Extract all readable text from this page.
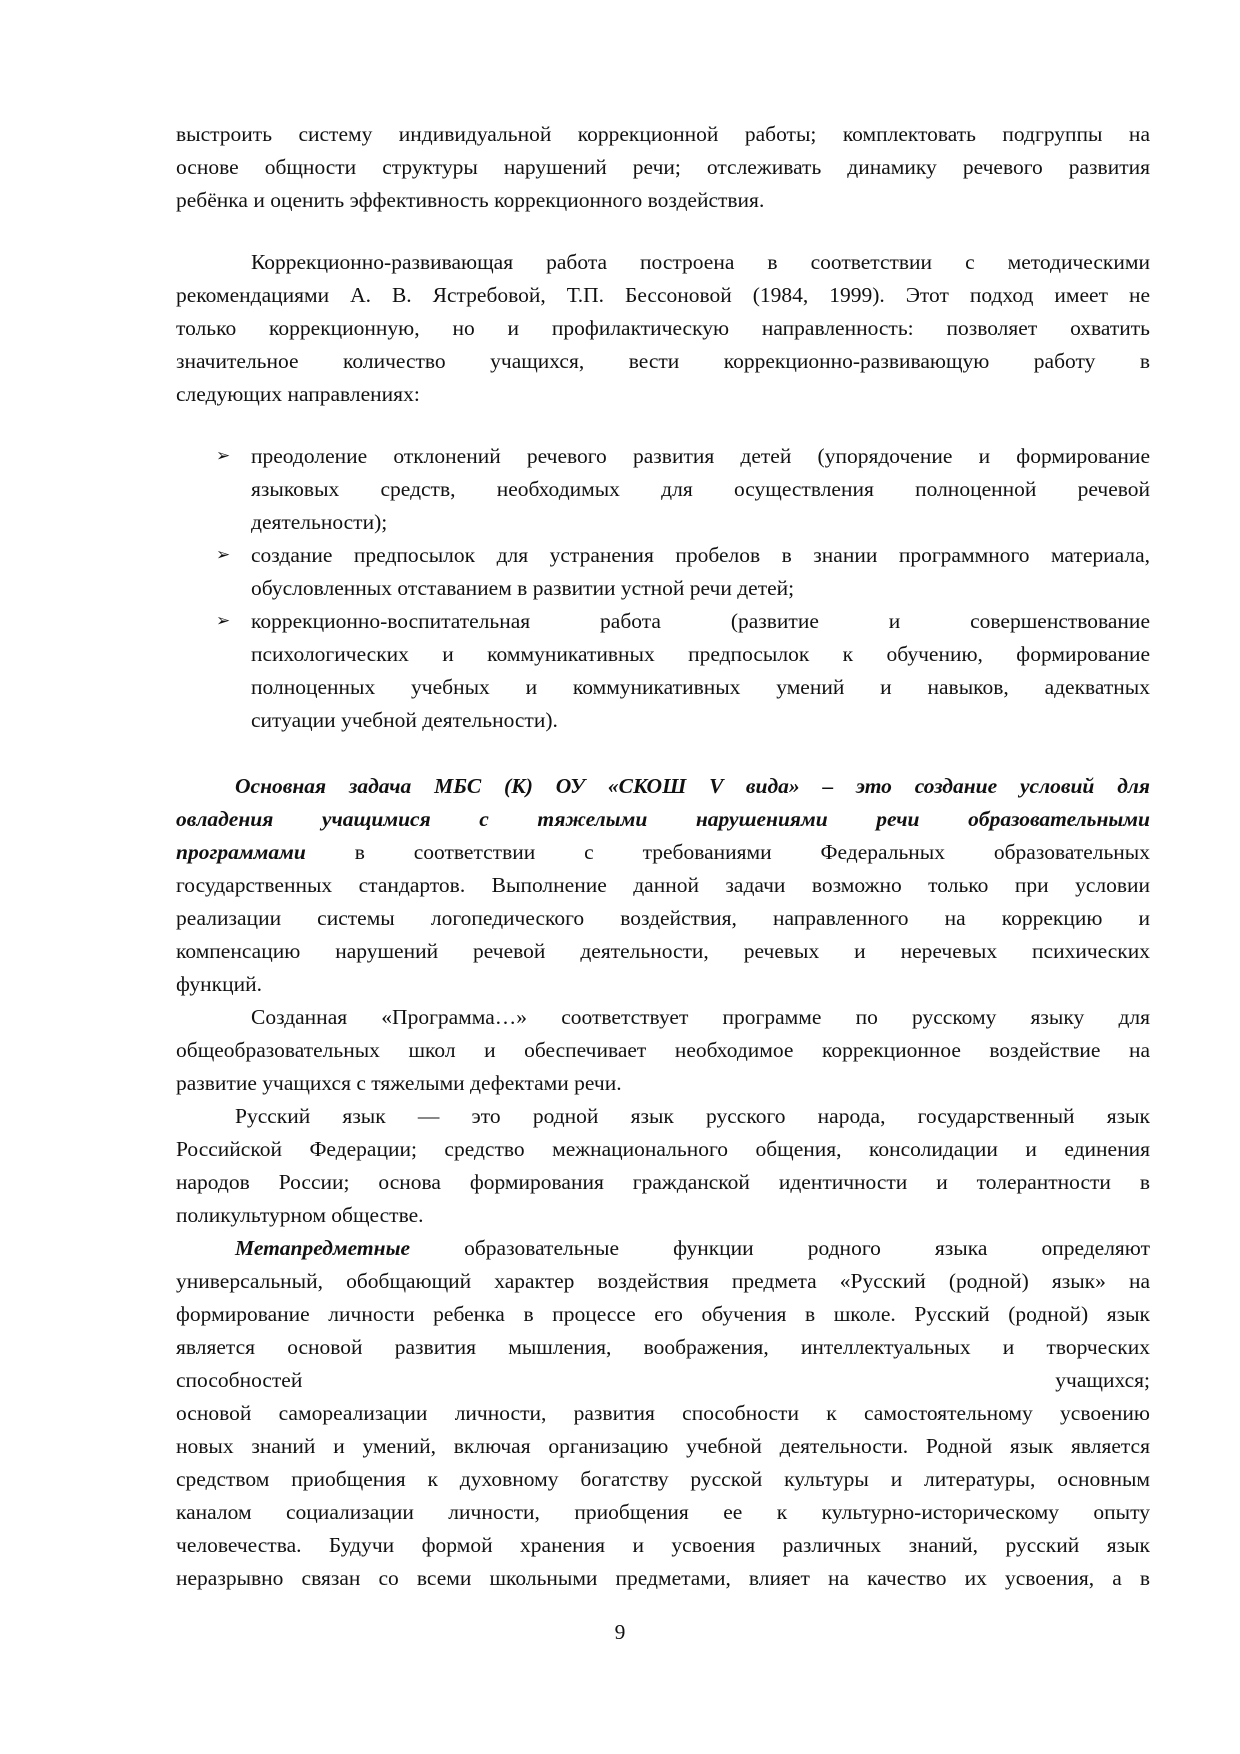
выстроить систему индивидуальной коррекционной работы; комплектовать подгруппы на
основе общности структуры нарушений речи; отслеживать динамику речевого развития
ребёнка и оценить эффективность коррекционного воздействия.
Коррекционно-развивающая работа построена в соответствии с методическими
рекомендациями А. В. Ястребовой, Т.П. Бессоновой (1984, 1999). Этот подход имеет не
только коррекционную, но и профилактическую направленность: позволяет охватить
значительное количество учащихся, вести коррекционно-развивающую работу в
следующих направлениях:
➢ преодоление отклонений речевого развития детей (упорядочение и формирование
языковых средств, необходимых для осуществления полноценной речевой
деятельности);
➢ создание предпосылок для устранения пробелов в знании программного материала,
обусловленных отставанием в развитии устной речи детей;
➢ коррекционно-воспитательная работа (развитие и совершенствование
психологических и коммуникативных предпосылок к обучению, формирование
полноценных учебных и коммуникативных умений и навыков, адекватных
ситуации учебной деятельности).
Основная задача МБС (К) ОУ «СКОШ V вида» – это создание условий для
овладения учащимися с тяжелыми нарушениями речи образовательными
программами в соответствии с требованиями Федеральных образовательных
государственных стандартов. Выполнение данной задачи возможно только при условии
реализации системы логопедического воздействия, направленного на коррекцию и
компенсацию нарушений речевой деятельности, речевых и неречевых психических
функций.
Созданная «Программа…» соответствует программе по русскому языку для
общеобразовательных школ и обеспечивает необходимое коррекционное воздействие на
развитие учащихся с тяжелыми дефектами речи.
Русский язык — это родной язык русского народа, государственный язык
Российской Федерации; средство межнационального общения, консолидации и единения
народов России; основа формирования гражданской идентичности и толерантности в
поликультурном обществе.
Метапредметные образовательные функции родного языка определяют
универсальный, обобщающий характер воздействия предмета «Русский (родной) язык» на
формирование личности ребенка в процессе его обучения в школе. Русский (родной) язык
является основой развития мышления, воображения, интеллектуальных и творческих
способностей учащихся;
основой самореализации личности, развития способности к самостоятельному усвоению
новых знаний и умений, включая организацию учебной деятельности. Родной язык является
средством приобщения к духовному богатству русской культуры и литературы, основным
каналом социализации личности, приобщения ее к культурно-историческому опыту
человечества. Будучи формой хранения и усвоения различных знаний, русский язык
неразрывно связан со всеми школьными предметами, влияет на качество их усвоения, а в
9
